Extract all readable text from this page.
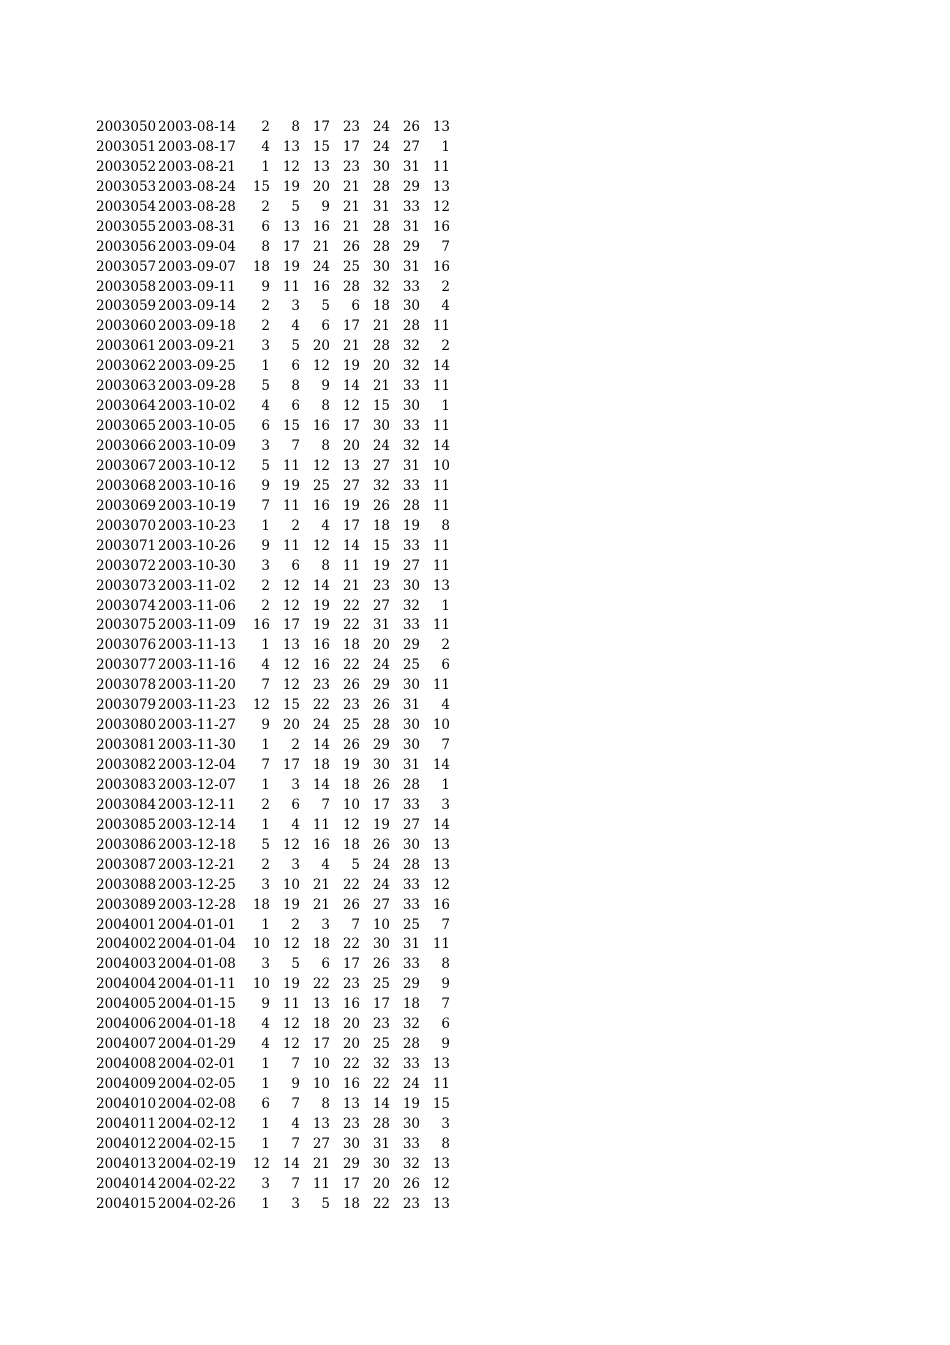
2003050	2003-08-14	2	8	17	23	24	26	13
2003051	2003-08-17	4	13	15	17	24	27	1
2003052	2003-08-21	1	12	13	23	30	31	11
2003053	2003-08-24	15	19	20	21	28	29	13
2003054	2003-08-28	2	5	9	21	31	33	12
2003055	2003-08-31	6	13	16	21	28	31	16
2003056	2003-09-04	8	17	21	26	28	29	7
2003057	2003-09-07	18	19	24	25	30	31	16
2003058	2003-09-11	9	11	16	28	32	33	2
2003059	2003-09-14	2	3	5	6	18	30	4
2003060	2003-09-18	2	4	6	17	21	28	11
2003061	2003-09-21	3	5	20	21	28	32	2
2003062	2003-09-25	1	6	12	19	20	32	14
2003063	2003-09-28	5	8	9	14	21	33	11
2003064	2003-10-02	4	6	8	12	15	30	1
2003065	2003-10-05	6	15	16	17	30	33	11
2003066	2003-10-09	3	7	8	20	24	32	14
2003067	2003-10-12	5	11	12	13	27	31	10
2003068	2003-10-16	9	19	25	27	32	33	11
2003069	2003-10-19	7	11	16	19	26	28	11
2003070	2003-10-23	1	2	4	17	18	19	8
2003071	2003-10-26	9	11	12	14	15	33	11
2003072	2003-10-30	3	6	8	11	19	27	11
2003073	2003-11-02	2	12	14	21	23	30	13
2003074	2003-11-06	2	12	19	22	27	32	1
2003075	2003-11-09	16	17	19	22	31	33	11
2003076	2003-11-13	1	13	16	18	20	29	2
2003077	2003-11-16	4	12	16	22	24	25	6
2003078	2003-11-20	7	12	23	26	29	30	11
2003079	2003-11-23	12	15	22	23	26	31	4
2003080	2003-11-27	9	20	24	25	28	30	10
2003081	2003-11-30	1	2	14	26	29	30	7
2003082	2003-12-04	7	17	18	19	30	31	14
2003083	2003-12-07	1	3	14	18	26	28	1
2003084	2003-12-11	2	6	7	10	17	33	3
2003085	2003-12-14	1	4	11	12	19	27	14
2003086	2003-12-18	5	12	16	18	26	30	13
2003087	2003-12-21	2	3	4	5	24	28	13
2003088	2003-12-25	3	10	21	22	24	33	12
2003089	2003-12-28	18	19	21	26	27	33	16
2004001	2004-01-01	1	2	3	7	10	25	7
2004002	2004-01-04	10	12	18	22	30	31	11
2004003	2004-01-08	3	5	6	17	26	33	8
2004004	2004-01-11	10	19	22	23	25	29	9
2004005	2004-01-15	9	11	13	16	17	18	7
2004006	2004-01-18	4	12	18	20	23	32	6
2004007	2004-01-29	4	12	17	20	25	28	9
2004008	2004-02-01	1	7	10	22	32	33	13
2004009	2004-02-05	1	9	10	16	22	24	11
2004010	2004-02-08	6	7	8	13	14	19	15
2004011	2004-02-12	1	4	13	23	28	30	3
2004012	2004-02-15	1	7	27	30	31	33	8
2004013	2004-02-19	12	14	21	29	30	32	13
2004014	2004-02-22	3	7	11	17	20	26	12
2004015	2004-02-26	1	3	5	18	22	23	13
